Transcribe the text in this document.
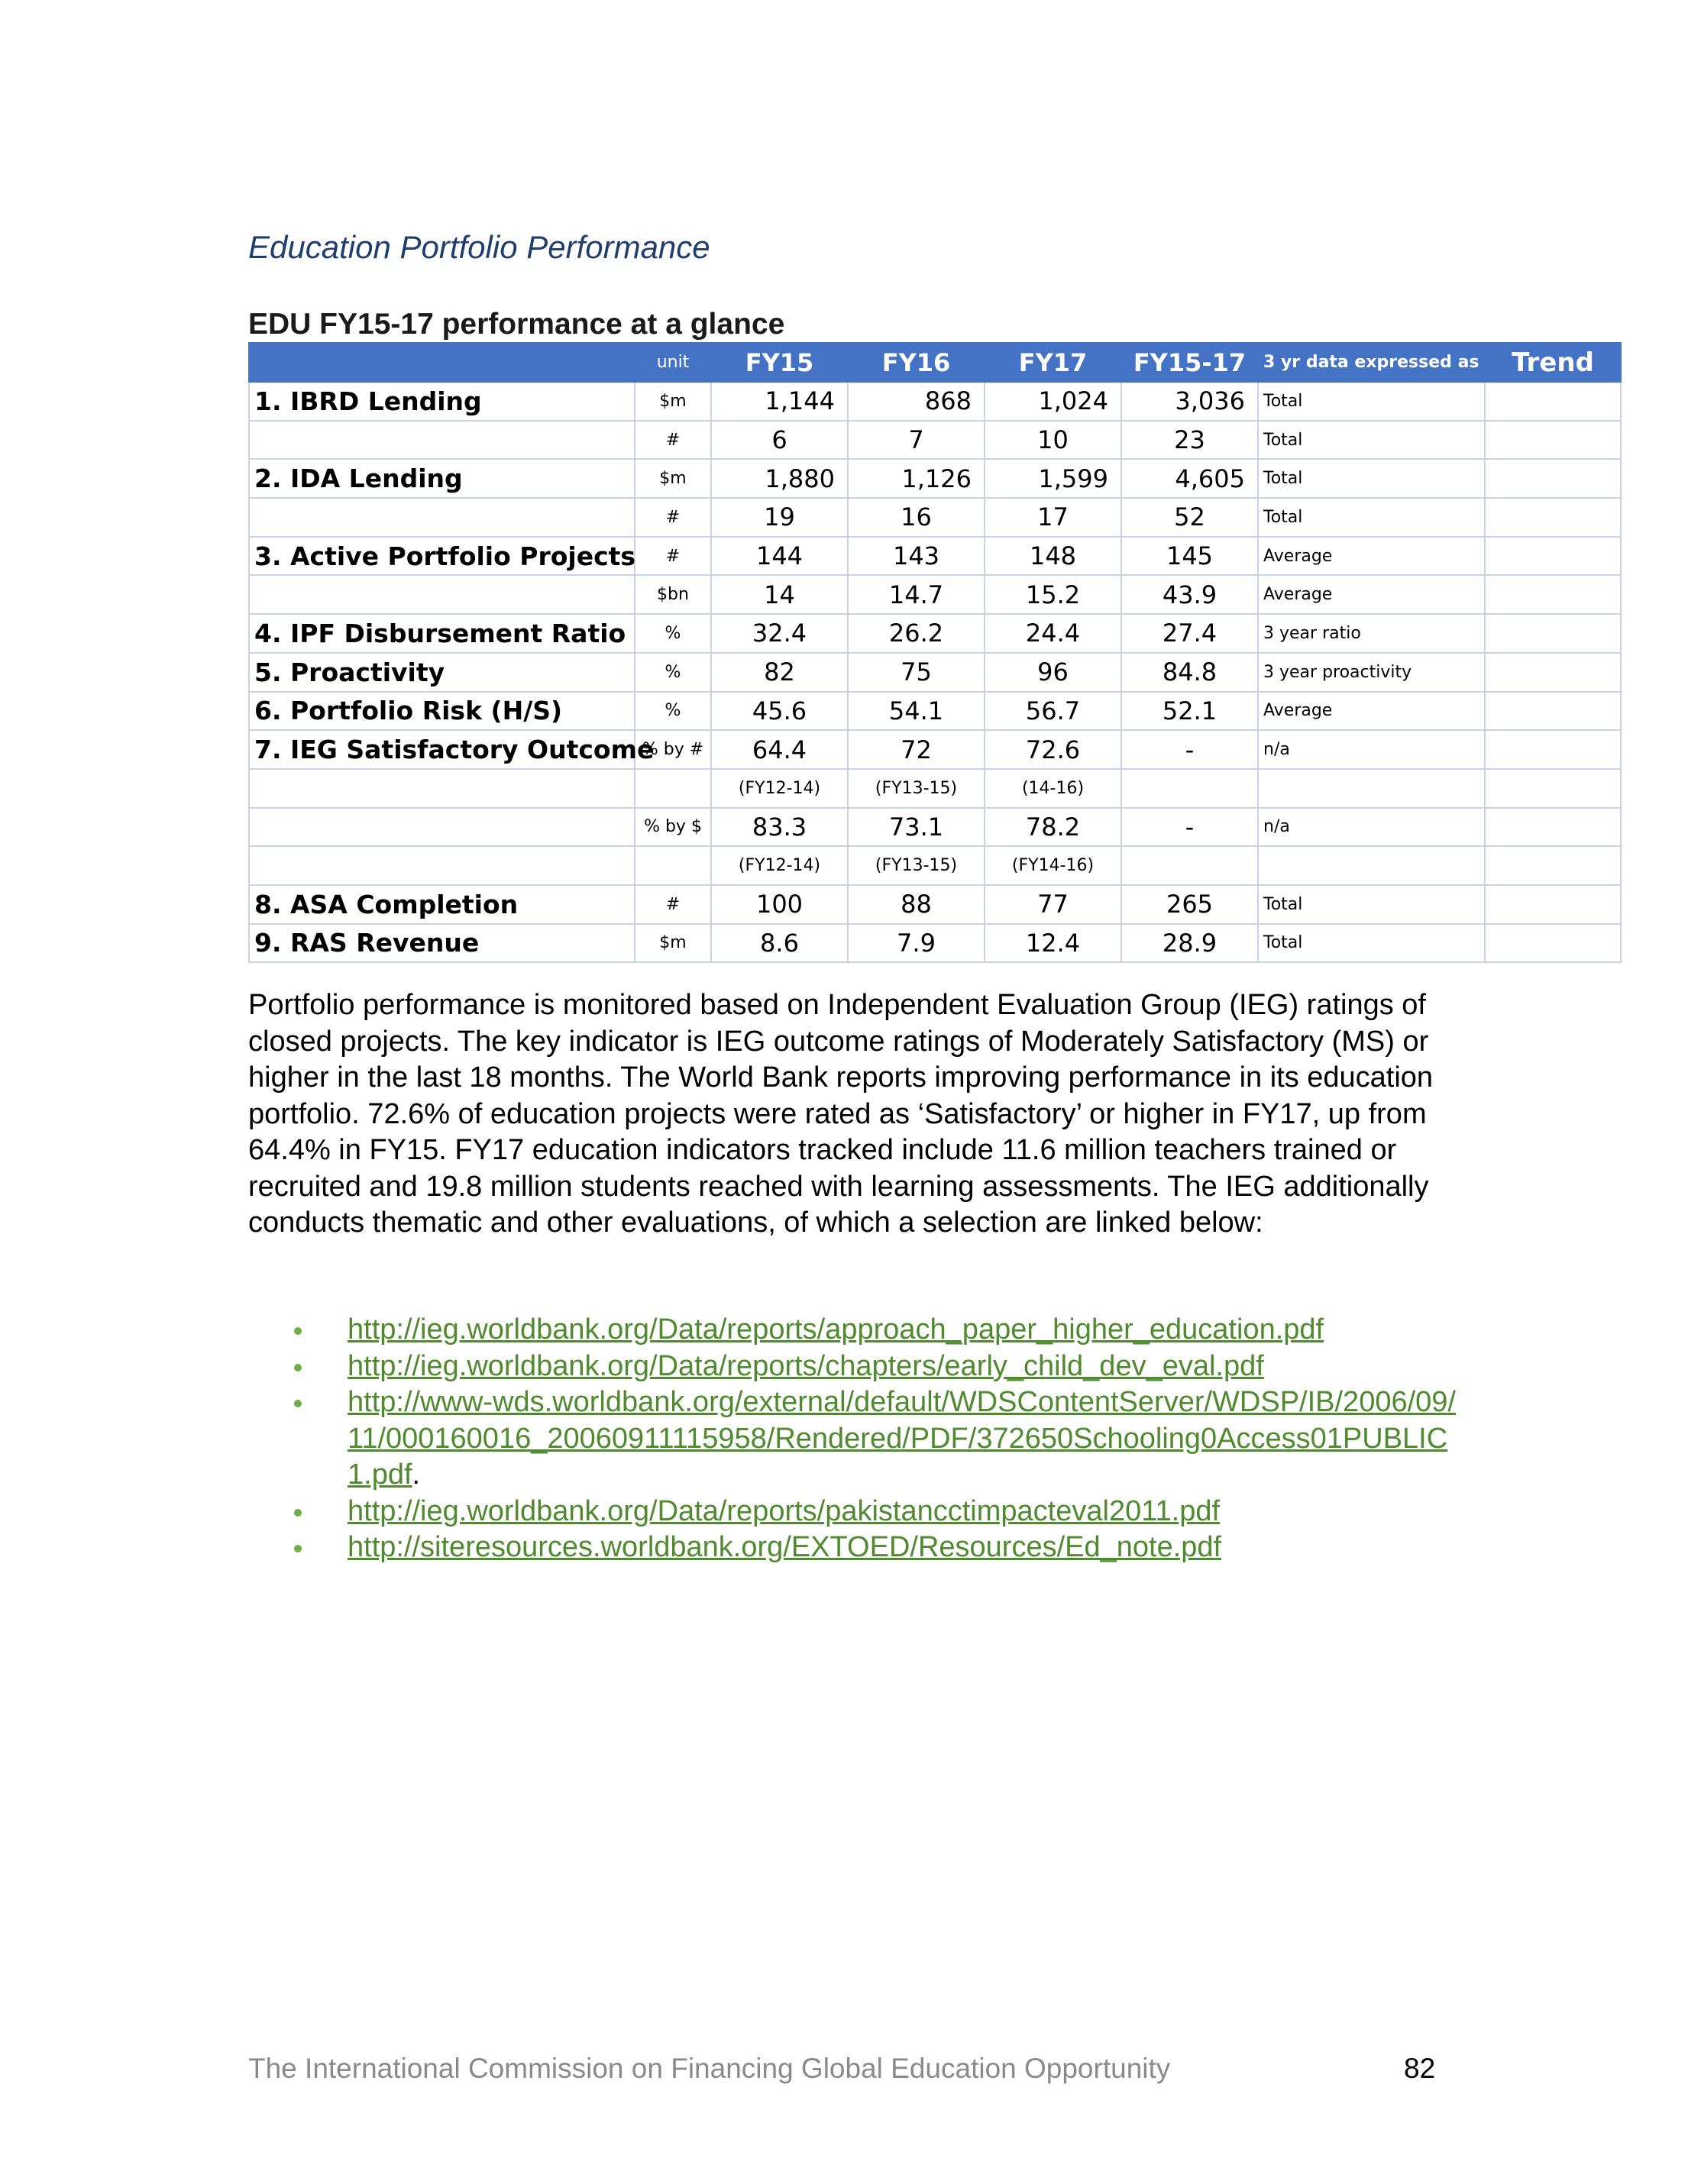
Education Portfolio Performance
EDU FY15-17 performance at a glance
	unit	FY15	FY16	FY17	FY15-17	3 yr data expressed as	Trend
1. IBRD Lending	$m	1,144	868	1,024	3,036	Total	
	#	6	7	10	23	Total	
2. IDA Lending	$m	1,880	1,126	1,599	4,605	Total	
	#	19	16	17	52	Total	
3. Active Portfolio Projects	#	144	143	148	145	Average	
	$bn	14	14.7	15.2	43.9	Average	
4. IPF Disbursement Ratio	%	32.4	26.2	24.4	27.4	3 year ratio	
5. Proactivity	%	82	75	96	84.8	3 year proactivity	
6. Portfolio Risk (H/S)	%	45.6	54.1	56.7	52.1	Average	
7. IEG Satisfactory Outcome	% by #	64.4	72	72.6	-	n/a	
		(FY12-14)	(FY13-15)	(14-16)			
	% by $	83.3	73.1	78.2	-	n/a	
		(FY12-14)	(FY13-15)	(FY14-16)			
8. ASA Completion	#	100	88	77	265	Total	
9. RAS Revenue	$m	8.6	7.9	12.4	28.9	Total	

Portfolio performance is monitored based on Independent Evaluation Group (IEG) ratings of closed projects. The key indicator is IEG outcome ratings of Moderately Satisfactory (MS) or higher in the last 18 months. The World Bank reports improving performance in its education portfolio. 72.6% of education projects were rated as ‘Satisfactory’ or higher in FY17, up from 64.4% in FY15. FY17 education indicators tracked include 11.6 million teachers trained or recruited and 19.8 million students reached with learning assessments. The IEG additionally conducts thematic and other evaluations, of which a selection are linked below:

http://ieg.worldbank.org/Data/reports/approach_paper_higher_education.pdf
http://ieg.worldbank.org/Data/reports/chapters/early_child_dev_eval.pdf
http://www-wds.worldbank.org/external/default/WDSContentServer/WDSP/IB/2006/09/11/000160016_20060911115958/Rendered/PDF/372650Schooling0Access01PUBLIC1.pdf.
http://ieg.worldbank.org/Data/reports/pakistancctimpacteval2011.pdf
http://siteresources.worldbank.org/EXTOED/Resources/Ed_note.pdf

The International Commission on Financing Global Education Opportunity	82
